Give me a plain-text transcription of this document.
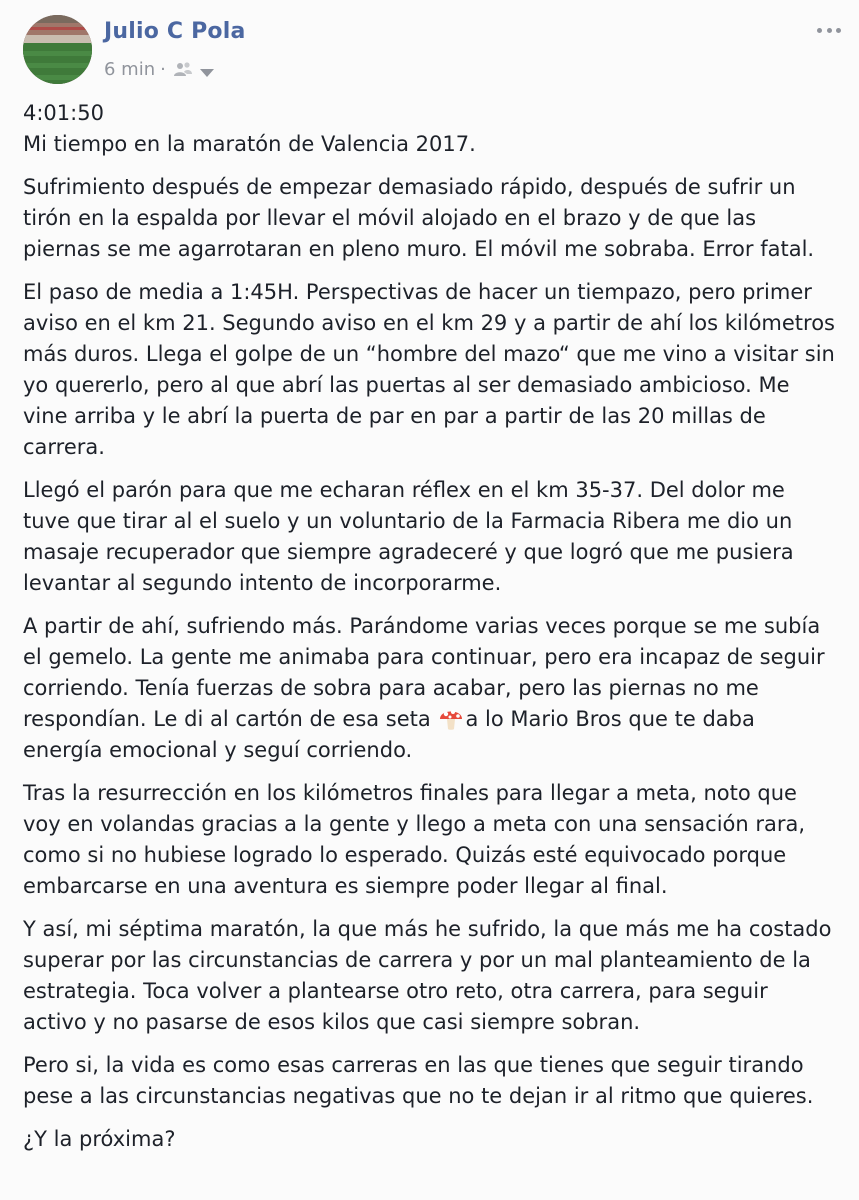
Julio C Pola
6 min ·

4:01:50

Mi tiempo en la maratón de Valencia 2017.

Sufrimiento después de empezar demasiado rápido, después de sufrir un tirón en la espalda por llevar el móvil alojado en el brazo y de que las piernas se me agarrotaran en pleno muro. El móvil me sobraba. Error fatal.

El paso de media a 1:45H. Perspectivas de hacer un tiempazo, pero primer aviso en el km 21. Segundo aviso en el km 29 y a partir de ahí los kilómetros más duros. Llega el golpe de un “hombre del mazo“ que me vino a visitar sin yo quererlo, pero al que abrí las puertas al ser demasiado ambicioso. Me vine arriba y le abrí la puerta de par en par a partir de las 20 millas de carrera.

Llegó el parón para que me echaran réflex en el km 35-37. Del dolor me tuve que tirar al el suelo y un voluntario de la Farmacia Ribera me dio un masaje recuperador que siempre agradeceré y que logró que me pusiera levantar al segundo intento de incorporarme.

A partir de ahí, sufriendo más. Parándome varias veces porque se me subía el gemelo. La gente me animaba para continuar, pero era incapaz de seguir corriendo. Tenía fuerzas de sobra para acabar, pero las piernas no me respondían. Le di al cartón de esa seta a lo Mario Bros que te daba energía emocional y seguí corriendo.

Tras la resurrección en los kilómetros finales para llegar a meta, noto que voy en volandas gracias a la gente y llego a meta con una sensación rara, como si no hubiese logrado lo esperado. Quizás esté equivocado porque embarcarse en una aventura es siempre poder llegar al final.

Y así, mi séptima maratón, la que más he sufrido, la que más me ha costado superar por las circunstancias de carrera y por un mal planteamiento de la estrategia. Toca volver a plantearse otro reto, otra carrera, para seguir activo y no pasarse de esos kilos que casi siempre sobran.

Pero si, la vida es como esas carreras en las que tienes que seguir tirando pese a las circunstancias negativas que no te dejan ir al ritmo que quieres.

¿Y la próxima?
